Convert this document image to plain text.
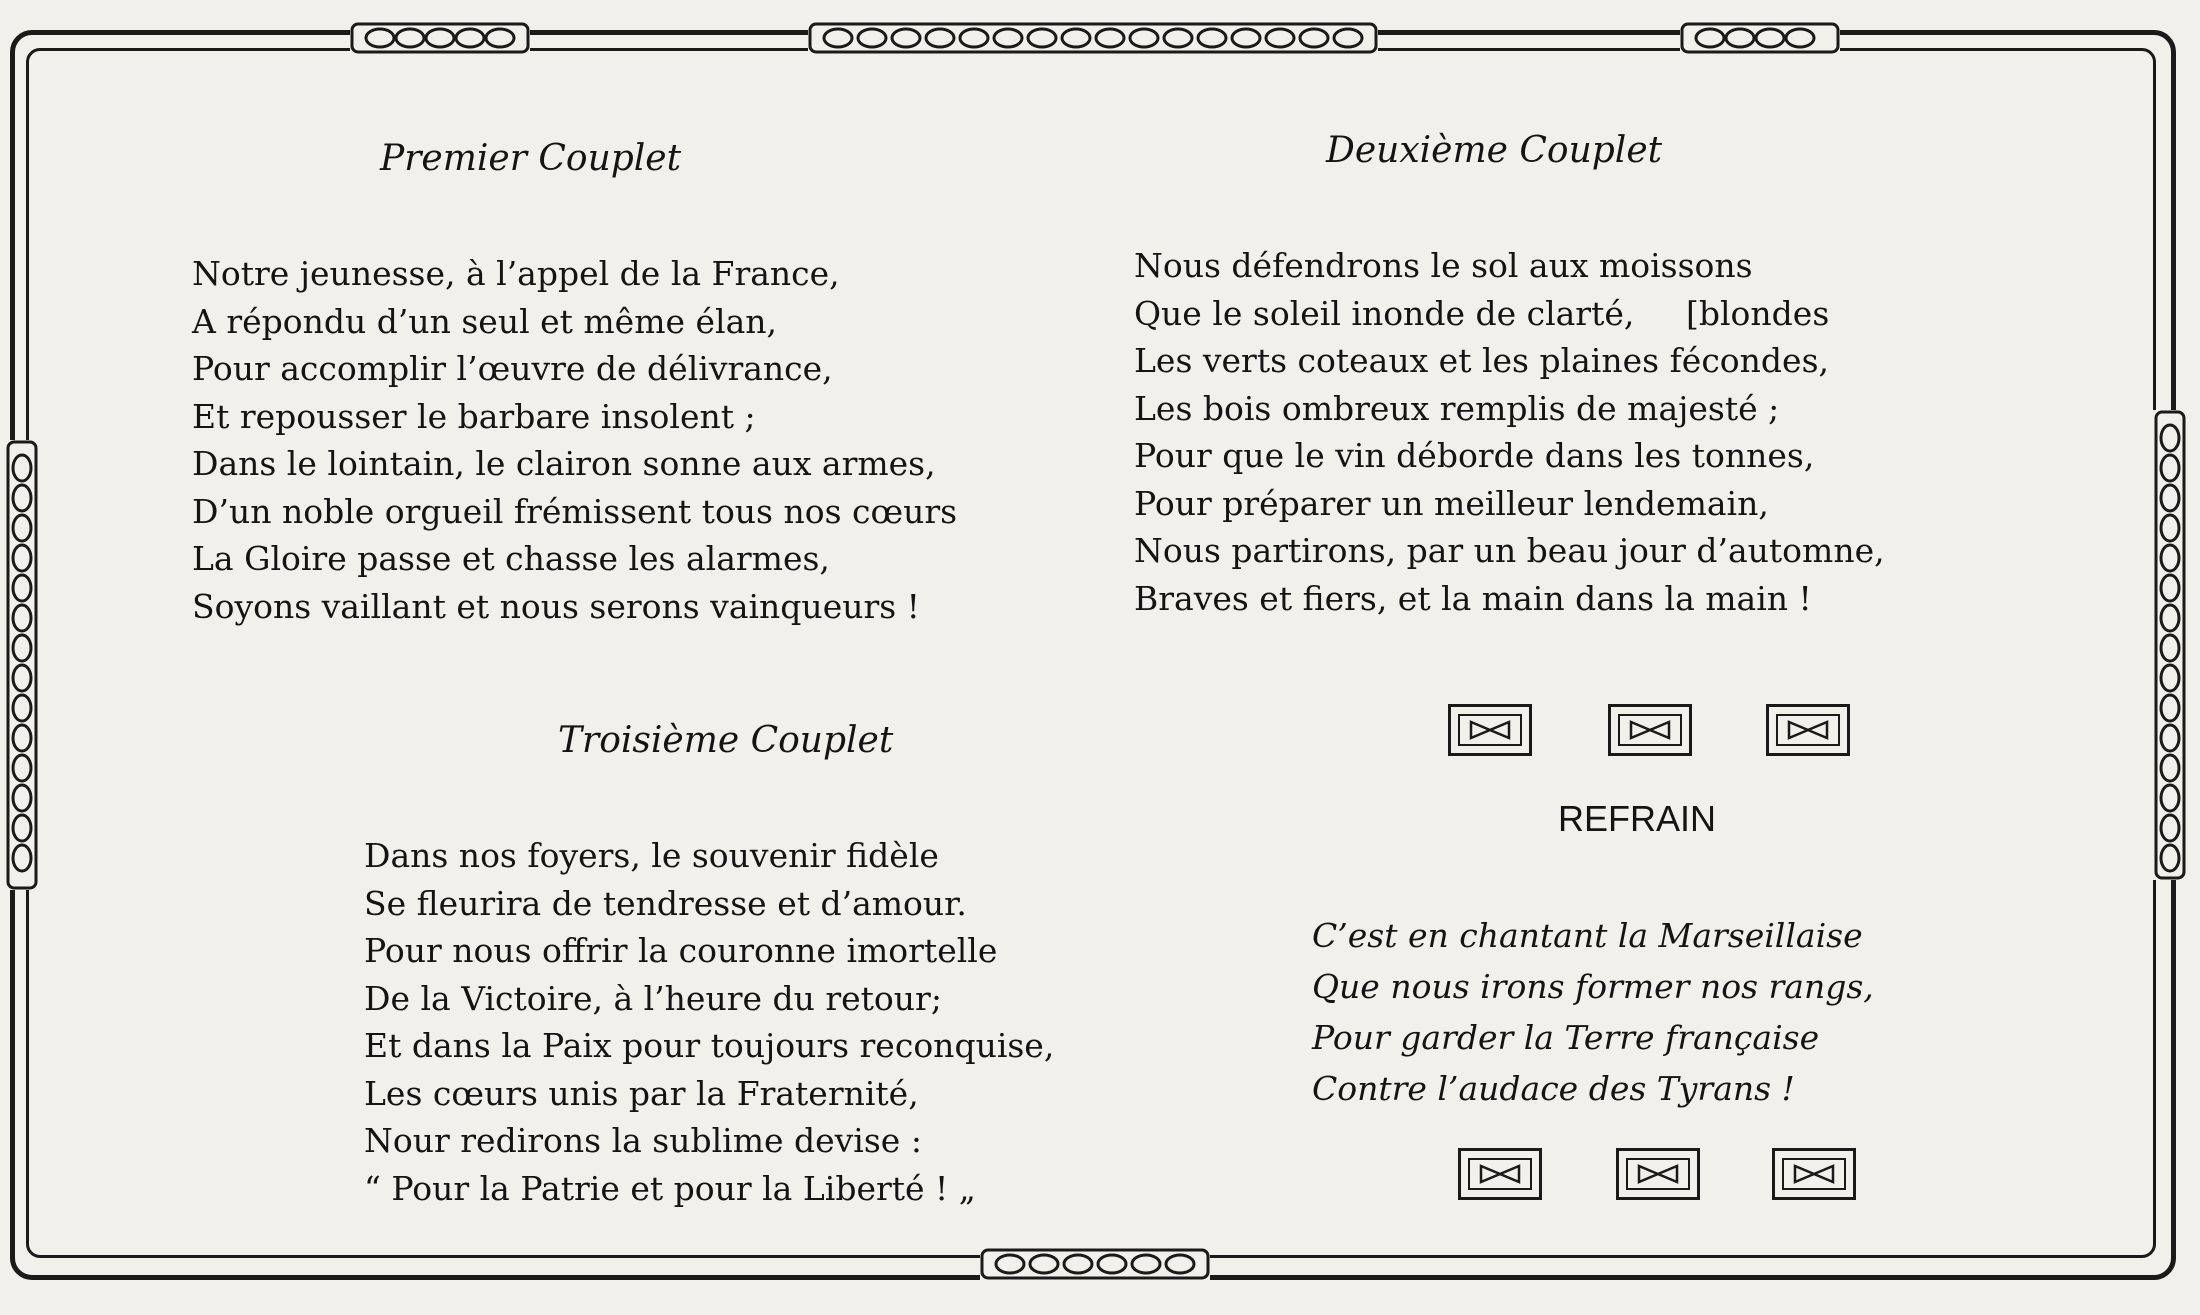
Premier Couplet
Notre jeunesse, à l’appel de la France,
A répondu d’un seul et même élan,
Pour accomplir l’œuvre de délivrance,
Et repousser le barbare insolent ;
Dans le lointain, le clairon sonne aux armes,
D’un noble orgueil frémissent tous nos cœurs
La Gloire passe et chasse les alarmes,
Soyons vaillant et nous serons vainqueurs !
Deuxième Couplet
Nous défendrons le sol aux moissons
Que le soleil inonde de clarté,
Les verts coteaux et les plaines fécondes,
Les bois ombreux remplis de majesté ;
Pour que le vin déborde dans les tonnes,
Pour préparer un meilleur lendemain,
Nous partirons, par un beau jour d’automne,
Braves et fiers, et la main dans la main !
[blondes
Troisième Couplet
Dans nos foyers, le souvenir fidèle
Se fleurira de tendresse et d’amour.
Pour nous offrir la couronne imortelle
De la Victoire, à l’heure du retour;
Et dans la Paix pour toujours reconquise,
Les cœurs unis par la Fraternité,
Nour redirons la sublime devise :
“ Pour la Patrie et pour la Liberté ! „
REFRAIN
C’est en chantant la Marseillaise
Que nous irons former nos rangs,
Pour garder la Terre française
Contre l’audace des Tyrans !
